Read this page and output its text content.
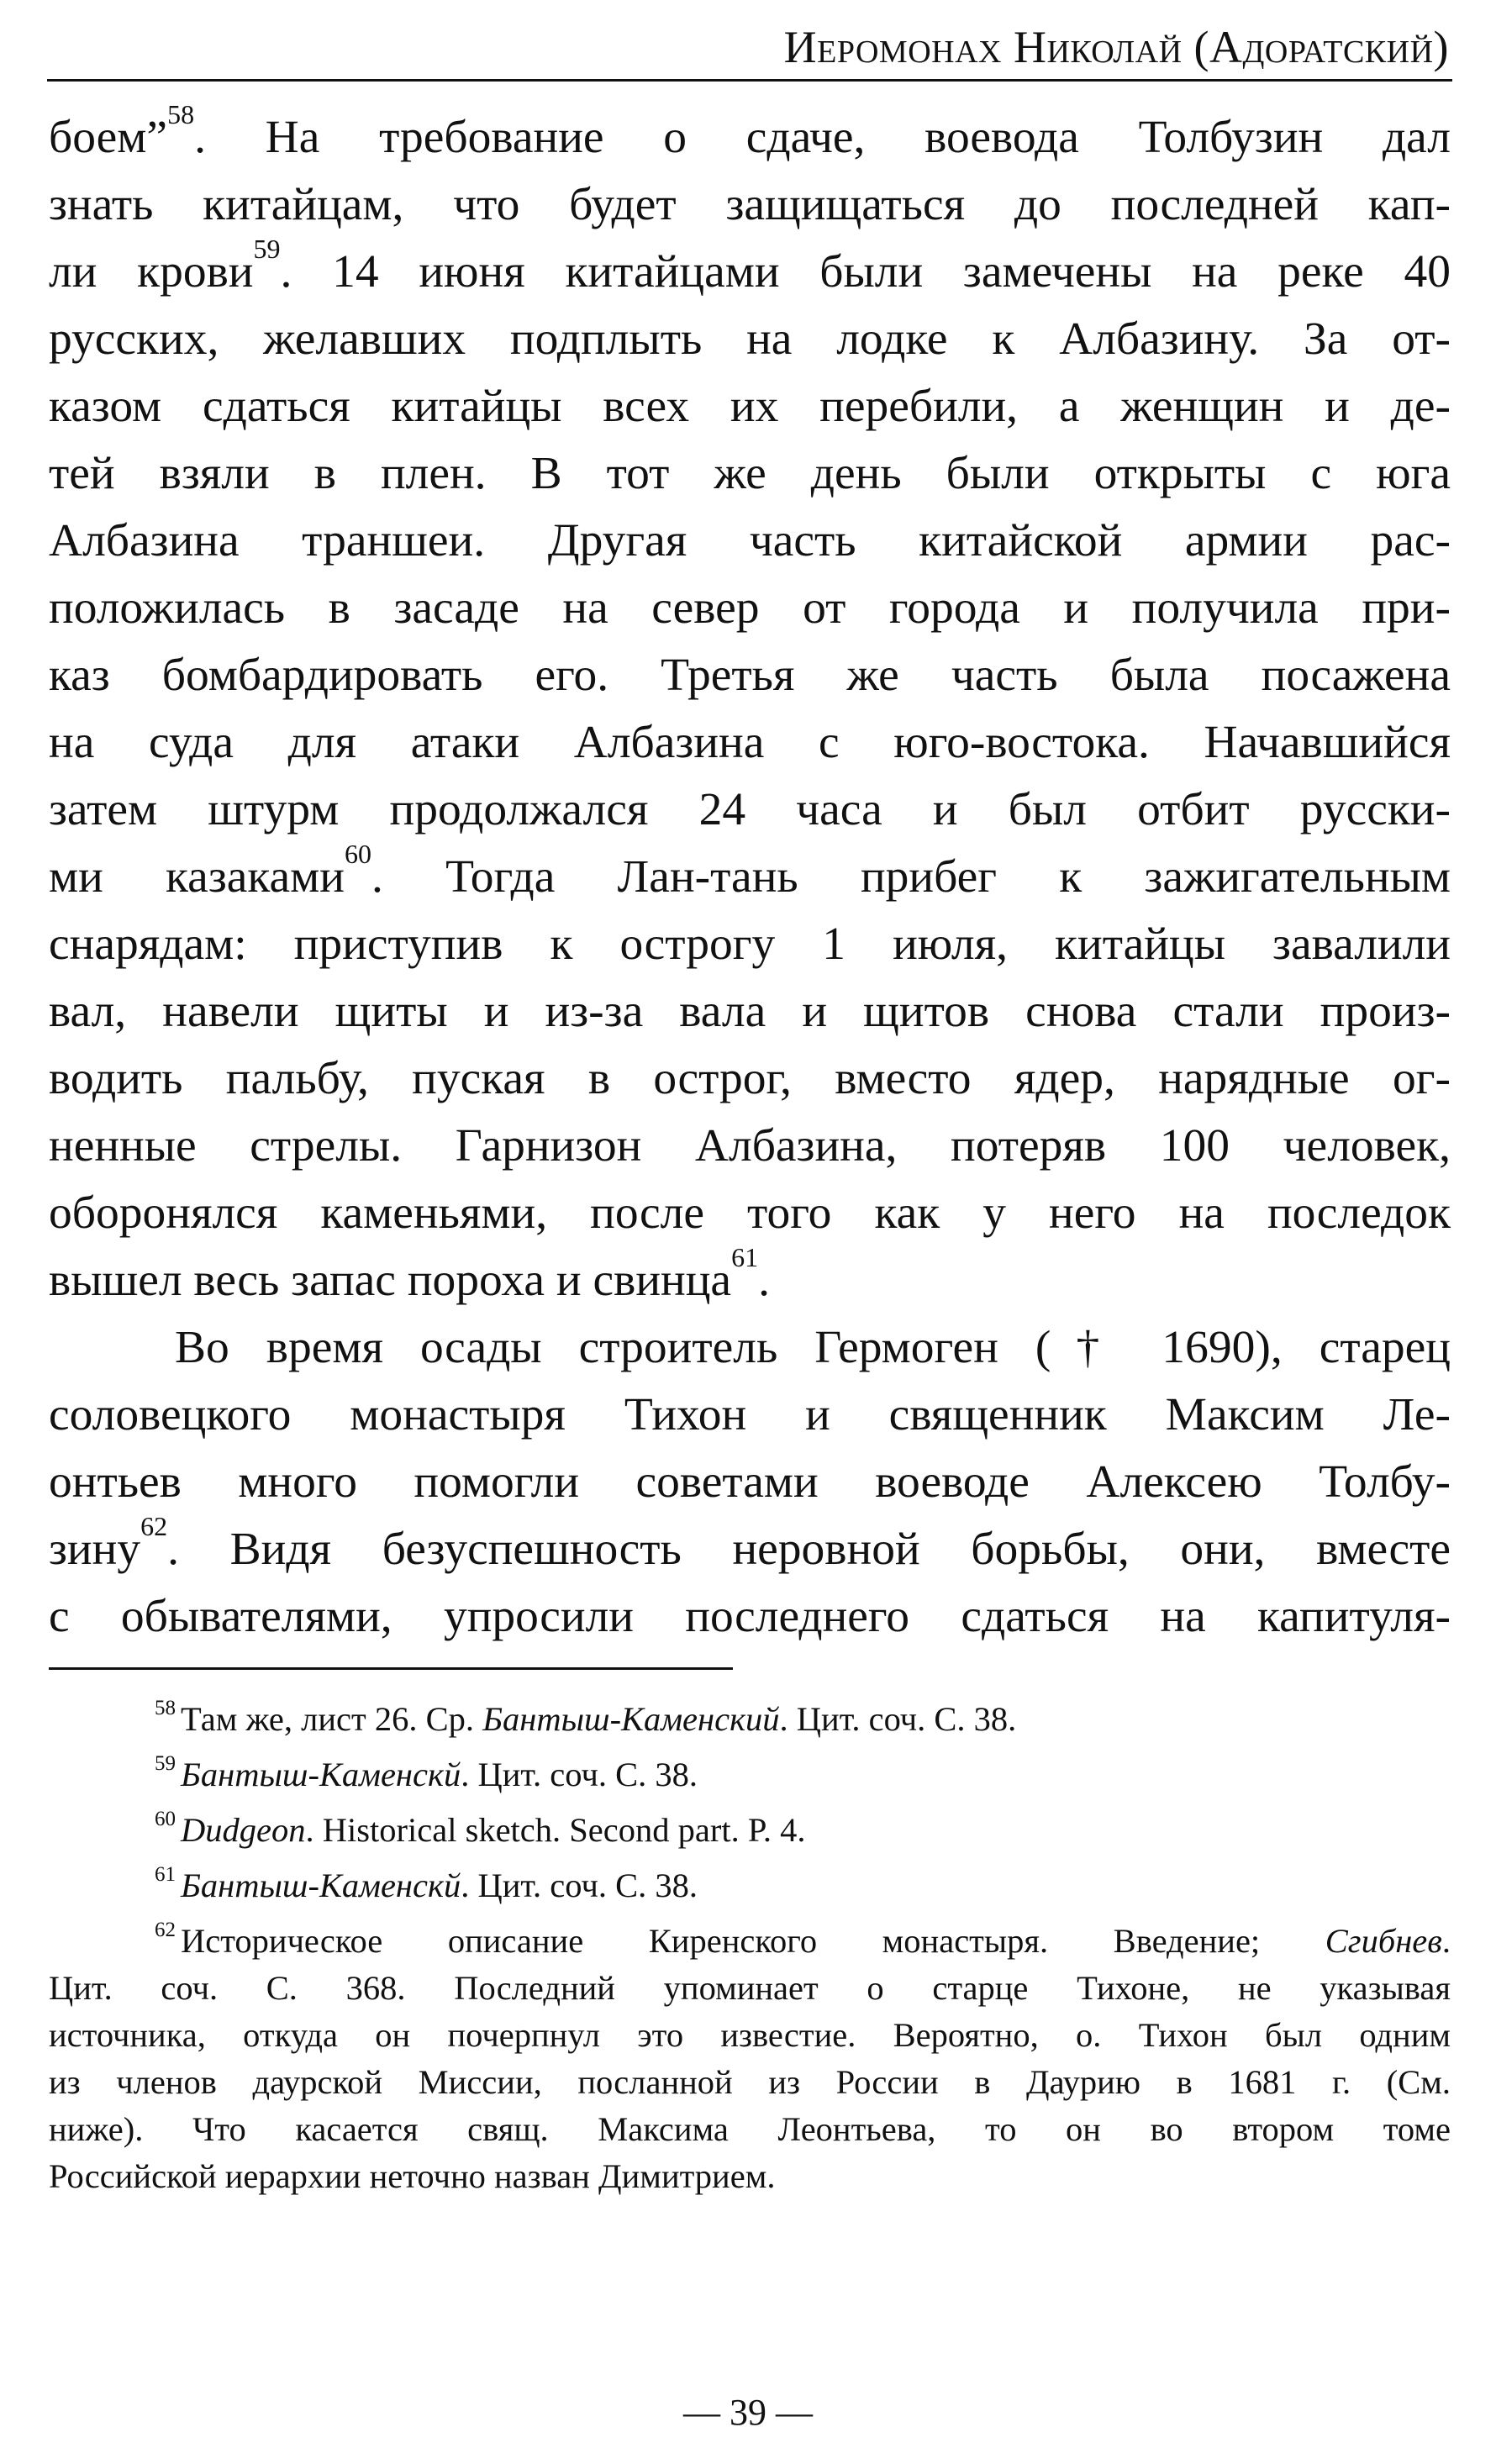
Иеромонах Николай (Адоратский)
боем”$^{58}$. На требование о сдаче, воевода Толбузин дал
знать китайцам, что будет защищаться до последней кап-
ли крови$^{59}$. 14 июня китайцами были замечены на реке 40
русских, желавших подплыть на лодке к Албазину. За от-
казом сдаться китайцы всех их перебили, а женщин и де-
тей взяли в плен. В тот же день были открыты с юга
Албазина траншеи. Другая часть китайской армии рас-
положилась в засаде на север от города и получила при-
каз бомбардировать его. Третья же часть была посажена
на суда для атаки Албазина с юго-востока. Начавшийся
затем штурм продолжался 24 часа и был отбит русски-
ми казаками$^{60}$. Тогда Лан-тань прибег к зажигательным
снарядам: приступив к острогу 1 июля, китайцы завалили
вал, навели щиты и из-за вала и щитов снова стали произ-
водить пальбу, пуская в острог, вместо ядер, нарядные ог-
ненные стрелы. Гарнизон Албазина, потеряв 100 человек,
оборонялся каменьями, после того как у него на последок
вышел весь запас пороха и свинца$^{61}$.
Во время осады строитель Гермоген († 1690), старец
соловецкого монастыря Тихон и священник Максим Ле-
онтьев много помогли советами воеводе Алексею Толбу-
зину$^{62}$. Видя безуспешность неровной борьбы, они, вместе
с обывателями, упросили последнего сдаться на капитуля-
$^{58}$ Там же, лист 26. Ср. Бантыш-Каменский. Цит. соч. С. 38.
$^{59}$ Бантыш-Каменскй. Цит. соч. С. 38.
$^{60}$ Dudgeon. Historical sketch. Second part. P. 4.
$^{61}$ Бантыш-Каменскй. Цит. соч. С. 38.
$^{62}$ Историческое описание Киренского монастыря. Введение; Сгибнев.
Цит. соч. С. 368. Последний упоминает о старце Тихоне, не указывая
источника, откуда он почерпнул это известие. Вероятно, о. Тихон был одним
из членов даурской Миссии, посланной из России в Даурию в 1681 г. (См.
ниже). Что касается свящ. Максима Леонтьева, то он во втором томе
Российской иерархии неточно назван Димитрием.
— 39 —
